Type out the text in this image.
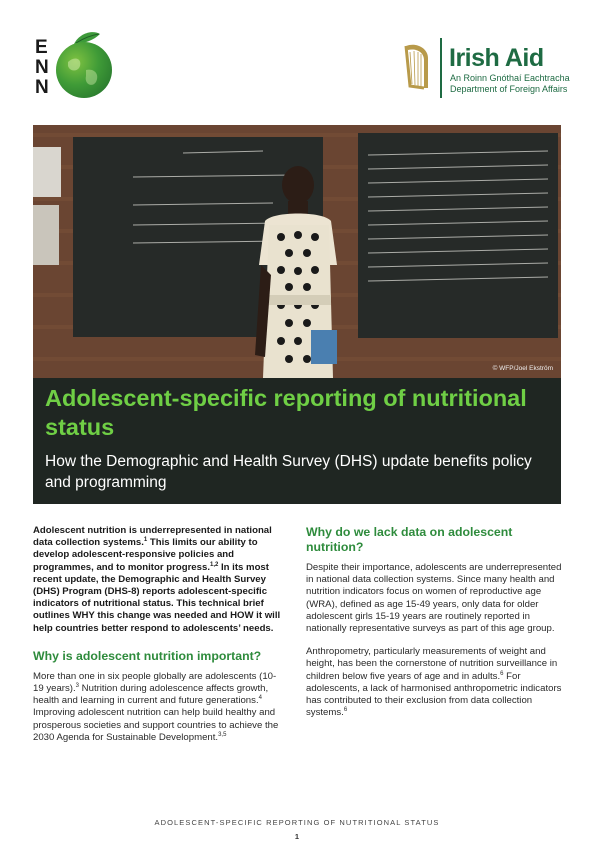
E
N
N
Irish Aid
An Roinn Gnóthaí Eachtracha
Department of Foreign Affairs
© WFP/Joel Ekström
Adolescent-specific reporting of nutritional status
How the Demographic and Health Survey (DHS) update benefits policy and programming
Adolescent nutrition is underrepresented in national data collection systems.$^1$ This limits our ability to develop adolescent-responsive policies and programmes, and to monitor progress.$^{1,2}$ In its most recent update, the Demographic and Health Survey (DHS) Program (DHS-8) reports adolescent-specific indicators of nutritional status. This technical brief outlines WHY this change was needed and HOW it will help countries better respond to adolescents’ needs.
Why is adolescent nutrition important?
More than one in six people globally are adolescents (10-19 years).$^3$ Nutrition during adolescence affects growth, health and learning in current and future generations.$^4$ Improving adolescent nutrition can help build healthy and prosperous societies and support countries to achieve the 2030 Agenda for Sustainable Development.$^{3,5}$
Why do we lack data on adolescent nutrition?
Despite their importance, adolescents are underrepresented in national data collection systems. Since many health and nutrition indicators focus on women of reproductive age (WRA), defined as age 15-49 years, only data for older adolescent girls 15-19 years are routinely reported in nationally representative surveys as part of this age group.
Anthropometry, particularly measurements of weight and height, has been the cornerstone of nutrition surveillance in children below five years of age and in adults.$^6$ For adolescents, a lack of harmonised anthropometric indicators has contributed to their exclusion from data collection systems.$^6$
ADOLESCENT-SPECIFIC REPORTING OF NUTRITIONAL STATUS
1
